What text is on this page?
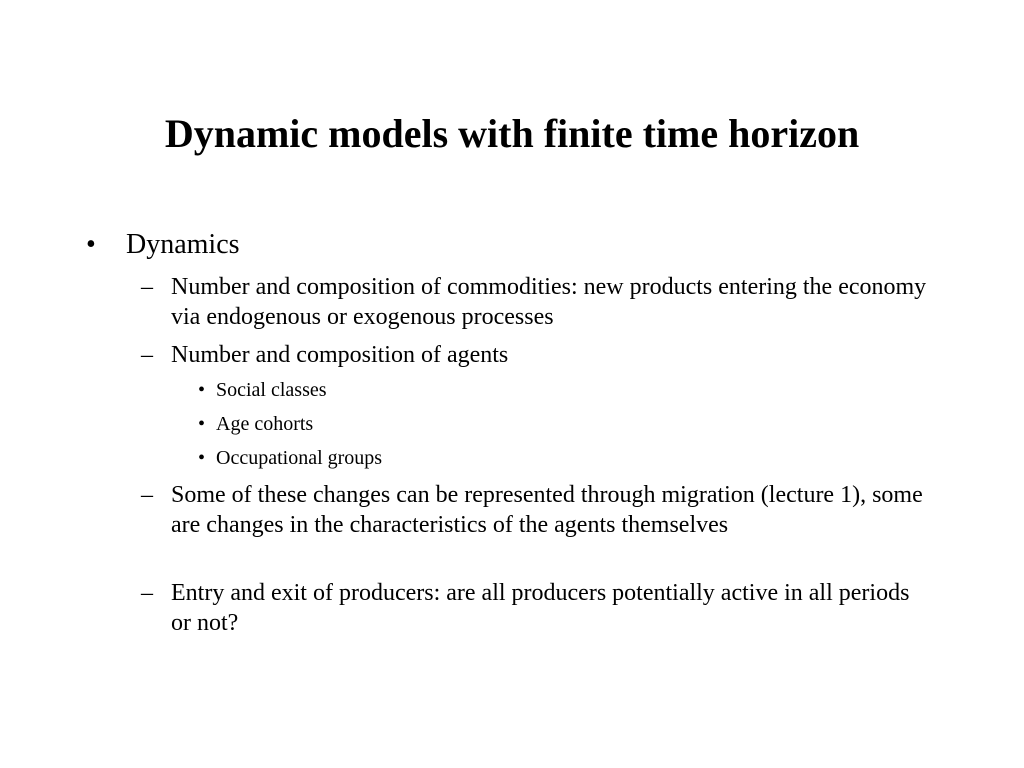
Dynamic models with finite time horizon
• Dynamics
– Number and composition of commodities: new products entering the economy via endogenous or exogenous processes
– Number and composition of agents
• Social classes
• Age cohorts
• Occupational groups
– Some of these changes can be represented through migration (lecture 1), some are changes in the characteristics of the agents themselves
– Entry and exit of producers: are all producers potentially active in all periods or not?
